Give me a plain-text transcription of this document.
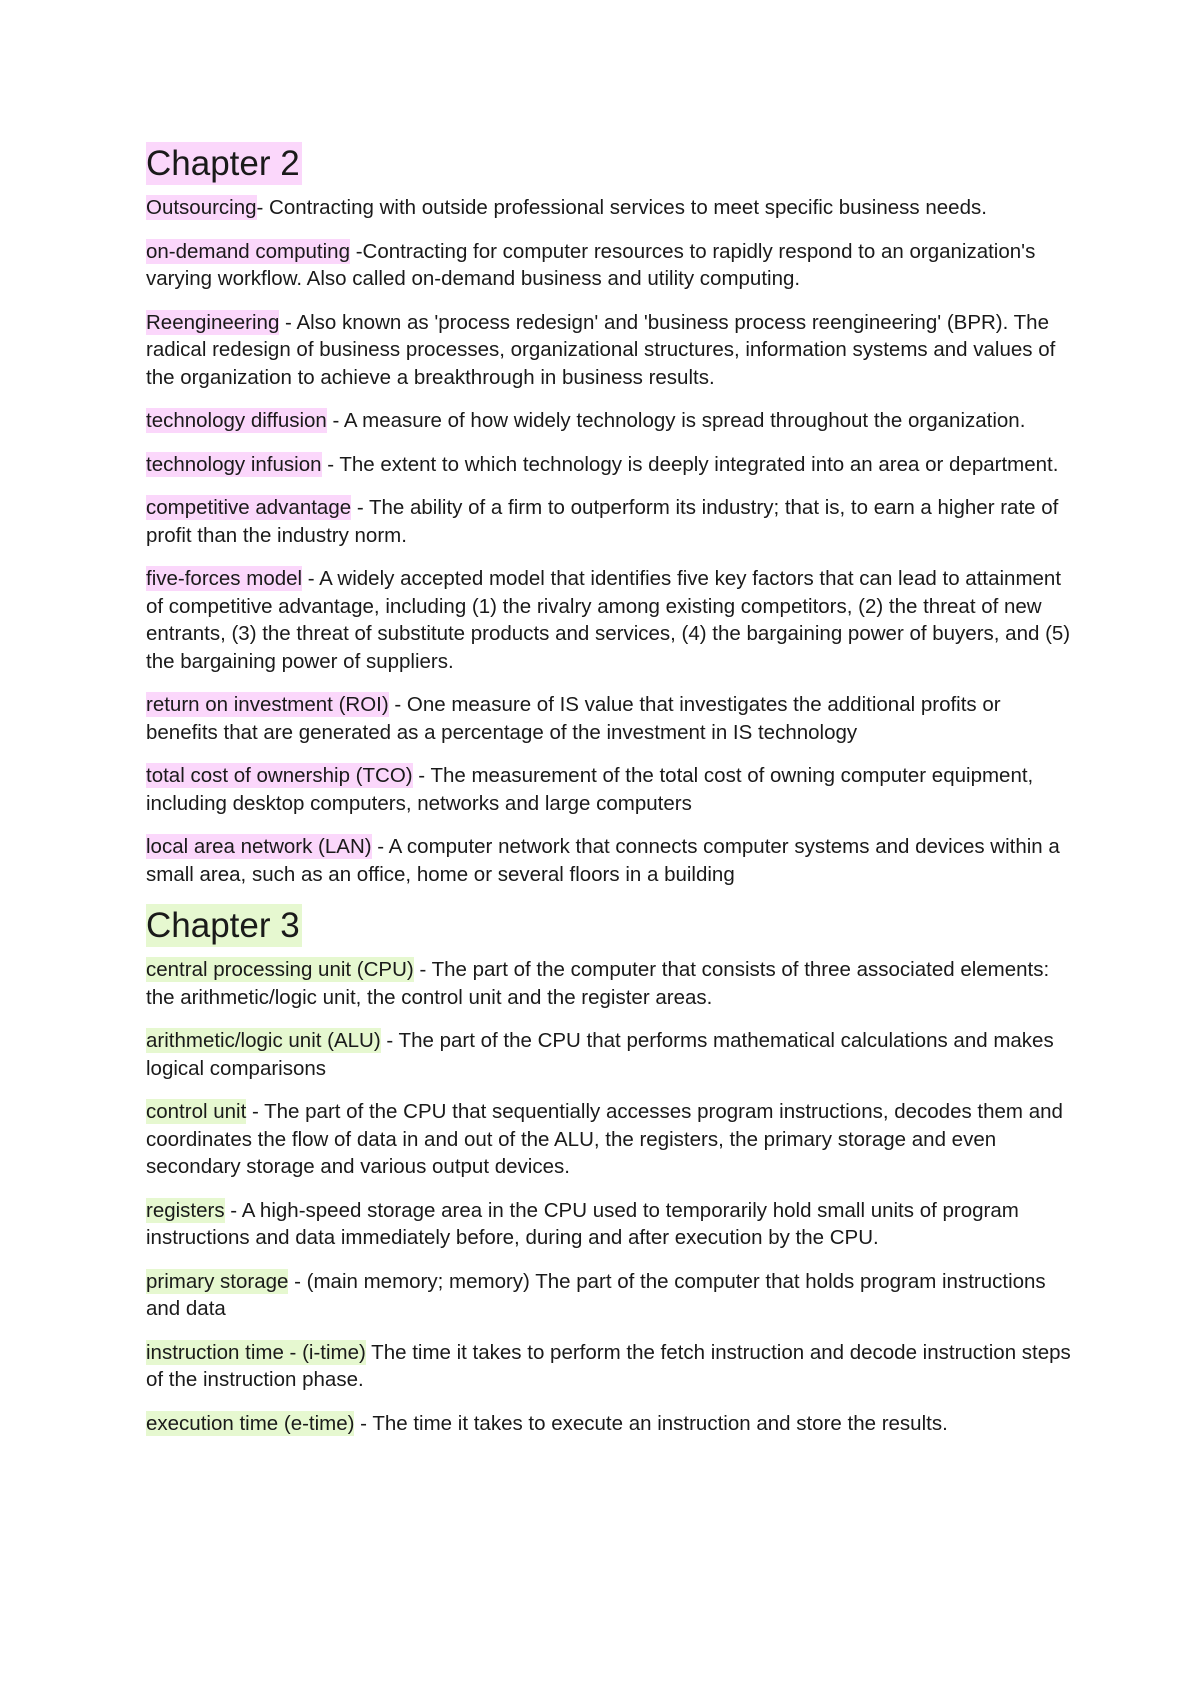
Chapter 2

Outsourcing- Contracting with outside professional services to meet specific business needs.

on-demand computing -Contracting for computer resources to rapidly respond to an organization's varying workflow. Also called on-demand business and utility computing.

Reengineering - Also known as 'process redesign' and 'business process reengineering' (BPR). The radical redesign of business processes, organizational structures, information systems and values of the organization to achieve a breakthrough in business results.

technology diffusion - A measure of how widely technology is spread throughout the organization.

technology infusion - The extent to which technology is deeply integrated into an area or department.

competitive advantage - The ability of a firm to outperform its industry; that is, to earn a higher rate of profit than the industry norm.

five-forces model - A widely accepted model that identifies five key factors that can lead to attainment of competitive advantage, including (1) the rivalry among existing competitors, (2) the threat of new entrants, (3) the threat of substitute products and services, (4) the bargaining power of buyers, and (5) the bargaining power of suppliers.

return on investment (ROI) - One measure of IS value that investigates the additional profits or benefits that are generated as a percentage of the investment in IS technology

total cost of ownership (TCO) - The measurement of the total cost of owning computer equipment, including desktop computers, networks and large computers

local area network (LAN) - A computer network that connects computer systems and devices within a small area, such as an office, home or several floors in a building

Chapter 3

central processing unit (CPU) - The part of the computer that consists of three associated elements: the arithmetic/logic unit, the control unit and the register areas.

arithmetic/logic unit (ALU) - The part of the CPU that performs mathematical calculations and makes logical comparisons

control unit - The part of the CPU that sequentially accesses program instructions, decodes them and coordinates the flow of data in and out of the ALU, the registers, the primary storage and even secondary storage and various output devices.

registers - A high-speed storage area in the CPU used to temporarily hold small units of program instructions and data immediately before, during and after execution by the CPU.

primary storage - (main memory; memory) The part of the computer that holds program instructions and data

instruction time - (i-time) The time it takes to perform the fetch instruction and decode instruction steps of the instruction phase.

execution time (e-time) - The time it takes to execute an instruction and store the results.
